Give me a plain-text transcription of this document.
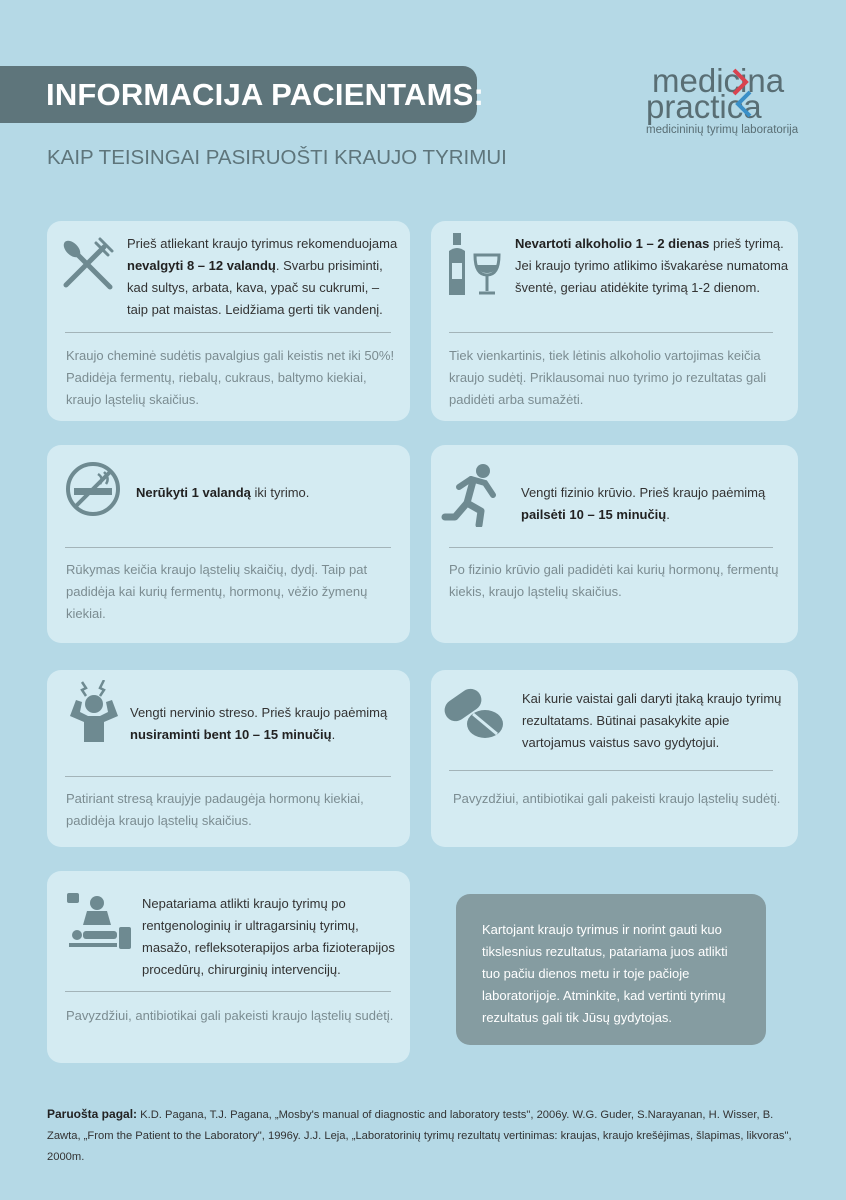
INFORMACIJA PACIENTAMS:
KAIP TEISINGAI PASIRUOŠTI KRAUJO TYRIMUI
medicina
practica
medicininių tyrimų laboratorija
Prieš atliekant kraujo tyrimus rekomenduojama nevalgyti 8 – 12 valandų. Svarbu prisiminti, kad sultys, arbata, kava, ypač su cukrumi, – taip pat maistas. Leidžiama gerti tik vandenį.
Kraujo cheminė sudėtis pavalgius gali keistis net iki 50%! Padidėja fermentų, riebalų, cukraus, baltymo kiekiai, kraujo ląstelių skaičius.
Nevartoti alkoholio 1 – 2 dienas prieš tyrimą. Jei kraujo tyrimo atlikimo išvakarėse numatoma šventė, geriau atidėkite tyrimą 1-2 dienom.
Tiek vienkartinis, tiek lėtinis alkoholio vartojimas keičia kraujo sudėtį. Priklausomai nuo tyrimo jo rezultatas gali padidėti arba sumažėti.
Nerūkyti 1 valandą iki tyrimo.
Rūkymas keičia kraujo ląstelių skaičių, dydį. Taip pat padidėja kai kurių fermentų, hormonų, vėžio žymenų kiekiai.
Vengti fizinio krūvio. Prieš kraujo paėmimą pailsėti 10 – 15 minučių.
Po fizinio krūvio gali padidėti kai kurių hormonų, fermentų kiekis, kraujo ląstelių skaičius.
Vengti nervinio streso. Prieš kraujo paėmimą nusiraminti bent 10 – 15 minučių.
Patiriant stresą kraujyje padaugėja hormonų kiekiai, padidėja kraujo ląstelių skaičius.
Kai kurie vaistai gali daryti įtaką kraujo tyrimų rezultatams. Būtinai pasakykite apie vartojamus vaistus savo gydytojui.
Pavyzdžiui, antibiotikai gali pakeisti kraujo ląstelių sudėtį.
Nepatariama atlikti kraujo tyrimų po rentgenologinių ir ultragarsinių tyrimų, masažo, refleksoterapijos arba fizioterapijos procedūrų, chirurginių intervencijų.
Pavyzdžiui, antibiotikai gali pakeisti kraujo ląstelių sudėtį.
Kartojant kraujo tyrimus ir norint gauti kuo tikslesnius rezultatus, patariama juos atlikti tuo pačiu dienos metu ir toje pačioje laboratorijoje. Atminkite, kad vertinti tyrimų rezultatus gali tik Jūsų gydytojas.
Paruošta pagal: K.D. Pagana, T.J. Pagana, „Mosby's manual of diagnostic and laboratory tests", 2006y. W.G. Guder, S.Narayanan, H. Wisser, B. Zawta, „From the Patient to the Laboratory", 1996y. J.J. Leja, „Laboratorinių tyrimų rezultatų vertinimas: kraujas, kraujo krešėjimas, šlapimas, likvoras", 2000m.
